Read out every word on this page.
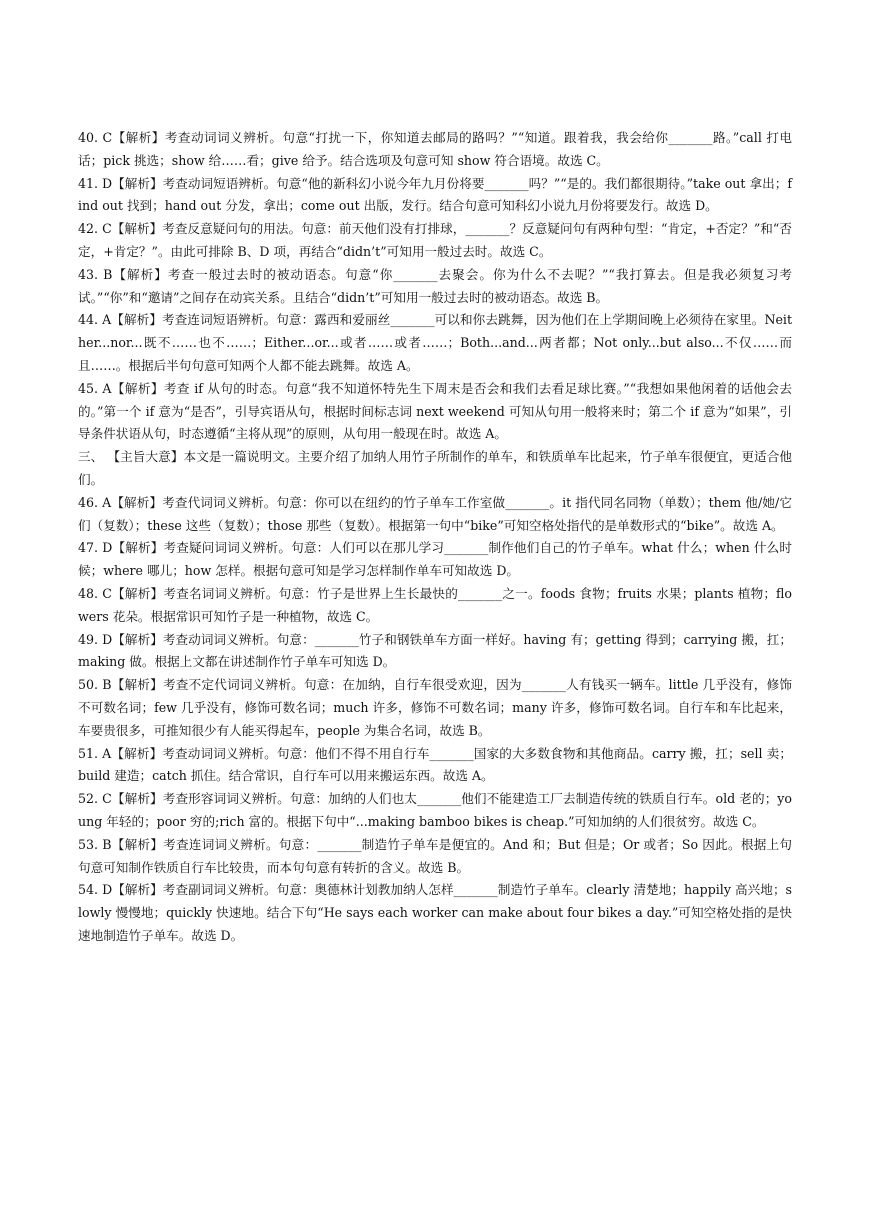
40. C【解析】考查动词词义辨析。句意“打扰一下，你知道去邮局的路吗？”“知道。跟着我，我会给你_______路。”call 打电话；pick 挑选；show 给……看；give 给予。结合选项及句意可知 show 符合语境。故选 C。

41. D【解析】考查动词短语辨析。句意“他的新科幻小说今年九月份将要_______吗？”“是的。我们都很期待。”take out 拿出；find out 找到；hand out 分发，拿出；come out 出版，发行。结合句意可知科幻小说九月份将要发行。故选 D。

42. C【解析】考查反意疑问句的用法。句意：前天他们没有打排球，_______？反意疑问句有两种句型：“肯定，+否定？”和“否定，+肯定？”。由此可排除 B、D 项，再结合“didn’t”可知用一般过去时。故选 C。

43. B【解析】考查一般过去时的被动语态。句意“你_______去聚会。你为什么不去呢？”“我打算去。但是我必须复习考试。”“你”和“邀请”之间存在动宾关系。且结合“didn’t”可知用一般过去时的被动语态。故选 B。

44. A【解析】考查连词短语辨析。句意：露西和爱丽丝_______可以和你去跳舞，因为他们在上学期间晚上必须待在家里。Neither...nor...既不……也不……；Either...or...或者……或者……；Both...and...两者都；Not only...but also...不仅……而且……。根据后半句句意可知两个人都不能去跳舞。故选 A。

45. A【解析】考查 if 从句的时态。句意“我不知道怀特先生下周末是否会和我们去看足球比赛。”“我想如果他闲着的话他会去的。”第一个 if 意为“是否”，引导宾语从句，根据时间标志词 next weekend 可知从句用一般将来时；第二个 if 意为“如果”，引导条件状语从句，时态遵循“主将从现”的原则，从句用一般现在时。故选 A。

三、 【主旨大意】本文是一篇说明文。主要介绍了加纳人用竹子所制作的单车，和铁质单车比起来，竹子单车很便宜，更适合他们。

46. A【解析】考查代词词义辨析。句意：你可以在纽约的竹子单车工作室做_______。it 指代同名同物（单数）；them 他/她/它们（复数）；these 这些（复数）；those 那些（复数）。根据第一句中“bike”可知空格处指代的是单数形式的“bike”。故选 A。

47. D【解析】考查疑问词词义辨析。句意：人们可以在那儿学习_______制作他们自己的竹子单车。what 什么；when 什么时候；where 哪儿；how 怎样。根据句意可知是学习怎样制作单车可知故选 D。

48. C【解析】考查名词词义辨析。句意：竹子是世界上生长最快的_______之一。foods 食物；fruits 水果；plants 植物；flowers 花朵。根据常识可知竹子是一种植物，故选 C。

49. D【解析】考查动词词义辨析。句意：_______竹子和钢铁单车方面一样好。having 有；getting 得到；carrying 搬，扛；making 做。根据上文都在讲述制作竹子单车可知选 D。

50. B【解析】考查不定代词词义辨析。句意：在加纳，自行车很受欢迎，因为_______人有钱买一辆车。little 几乎没有，修饰不可数名词；few 几乎没有，修饰可数名词；much 许多，修饰不可数名词；many 许多，修饰可数名词。自行车和车比起来，车要贵很多，可推知很少有人能买得起车，people 为集合名词，故选 B。

51. A【解析】考查动词词义辨析。句意：他们不得不用自行车_______国家的大多数食物和其他商品。carry 搬，扛；sell 卖；build 建造；catch 抓住。结合常识，自行车可以用来搬运东西。故选 A。

52. C【解析】考查形容词词义辨析。句意：加纳的人们也太_______他们不能建造工厂去制造传统的铁质自行车。old 老的；young 年轻的；poor 穷的;rich 富的。根据下句中“...making bamboo bikes is cheap.”可知加纳的人们很贫穷。故选 C。

53. B【解析】考查连词词义辨析。句意：_______制造竹子单车是便宜的。And 和；But 但是；Or 或者；So 因此。根据上句句意可知制作铁质自行车比较贵，而本句句意有转折的含义。故选 B。

54. D【解析】考查副词词义辨析。句意：奥德林计划教加纳人怎样_______制造竹子单车。clearly 清楚地；happily 高兴地；slowly 慢慢地；quickly 快速地。结合下句“He says each worker can make about four bikes a day.”可知空格处指的是快速地制造竹子单车。故选 D。
